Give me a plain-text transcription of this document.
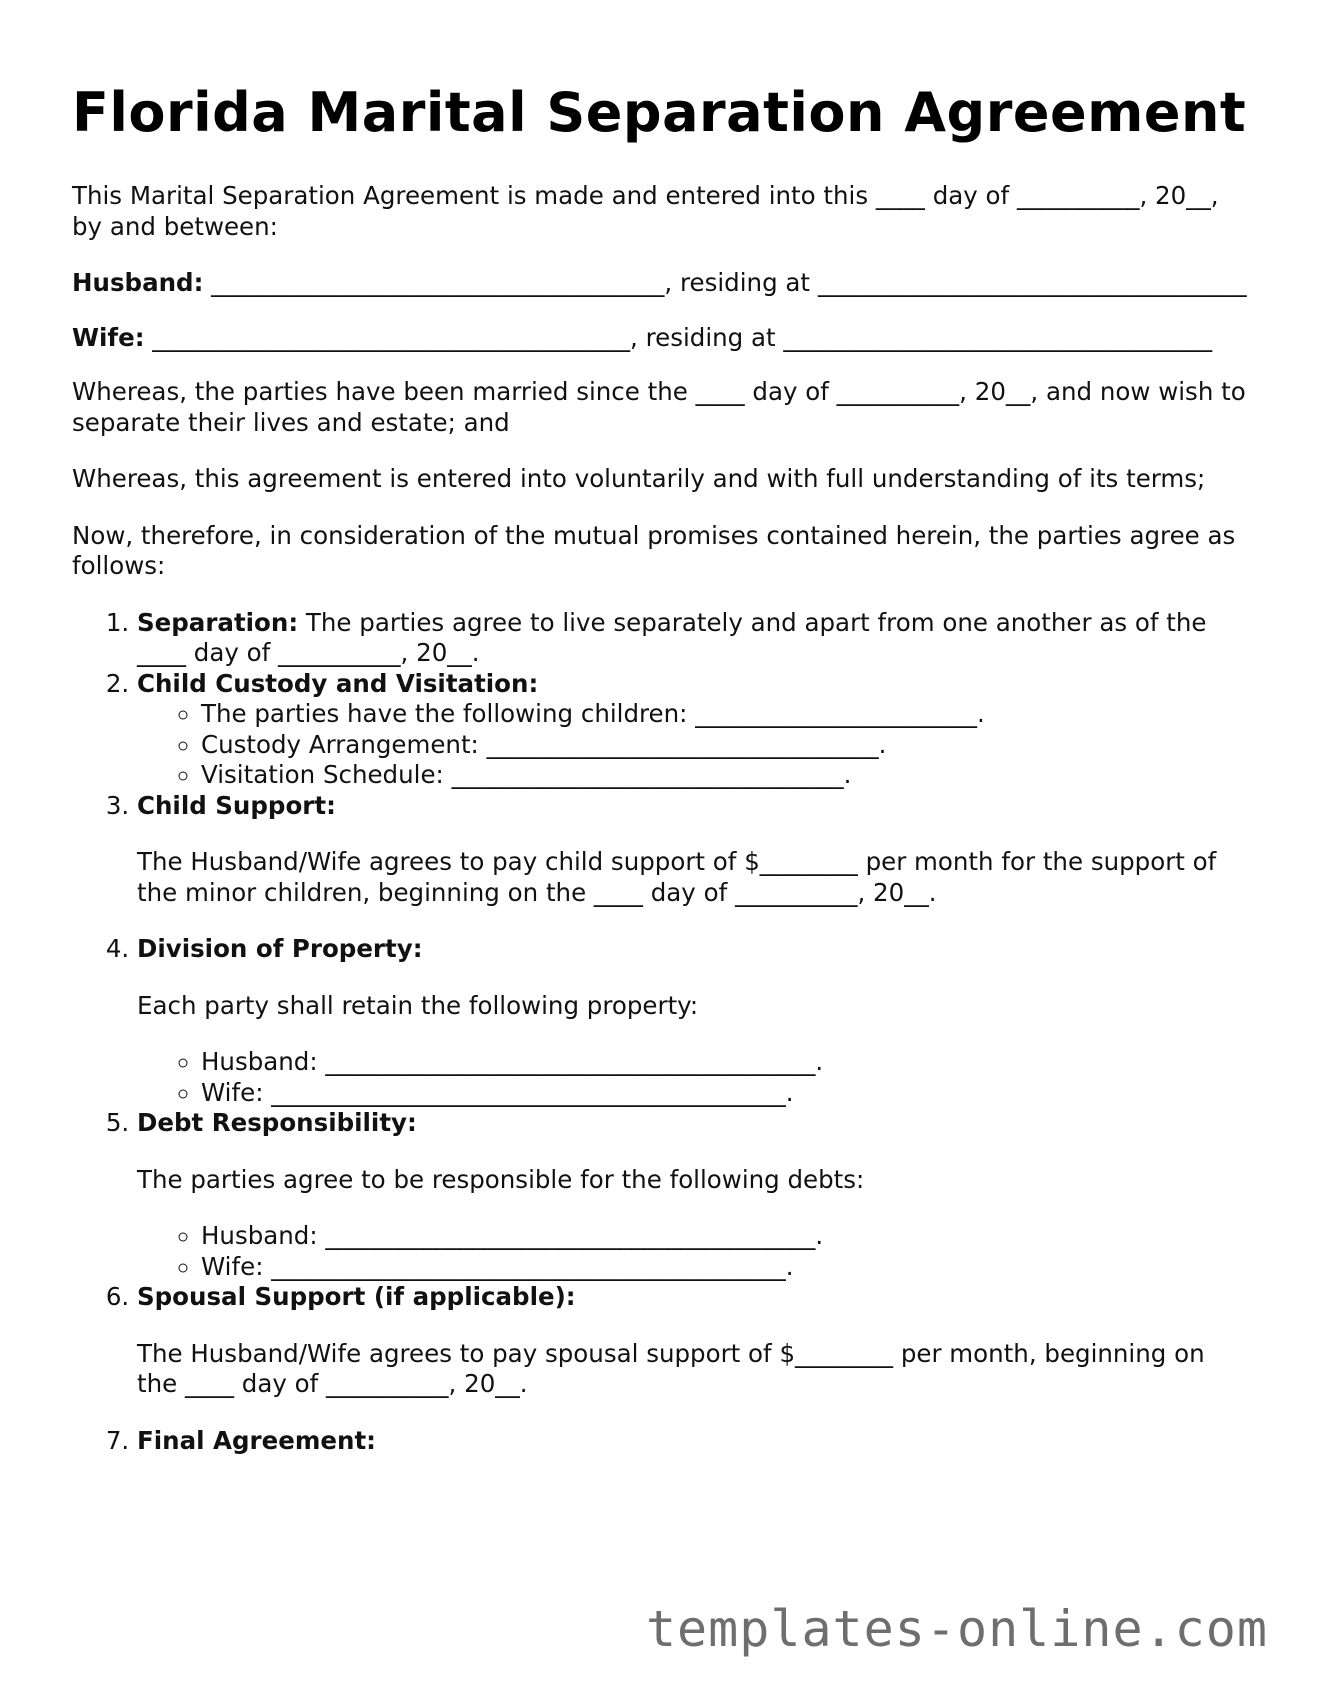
Florida Marital Separation Agreement

This Marital Separation Agreement is made and entered into this ____ day of __________, 20__, by and between:

Husband: _____________________________________, residing at ___________________________________

Wife: _______________________________________, residing at ___________________________________

Whereas, the parties have been married since the ____ day of __________, 20__, and now wish to separate their lives and estate; and

Whereas, this agreement is entered into voluntarily and with full understanding of its terms;

Now, therefore, in consideration of the mutual promises contained herein, the parties agree as follows:

1. Separation: The parties agree to live separately and apart from one another as of the ____ day of __________, 20__.
2. Child Custody and Visitation:
◦ The parties have the following children: _______________________.
◦ Custody Arrangement: ________________________________.
◦ Visitation Schedule: ________________________________.
3. Child Support:

The Husband/Wife agrees to pay child support of $________ per month for the support of the minor children, beginning on the ____ day of __________, 20__.

4. Division of Property:

Each party shall retain the following property:

◦ Husband: ________________________________________.
◦ Wife: __________________________________________.
5. Debt Responsibility:

The parties agree to be responsible for the following debts:

◦ Husband: ________________________________________.
◦ Wife: __________________________________________.
6. Spousal Support (if applicable):

The Husband/Wife agrees to pay spousal support of $________ per month, beginning on the ____ day of __________, 20__.

7. Final Agreement:
templates-online.com
